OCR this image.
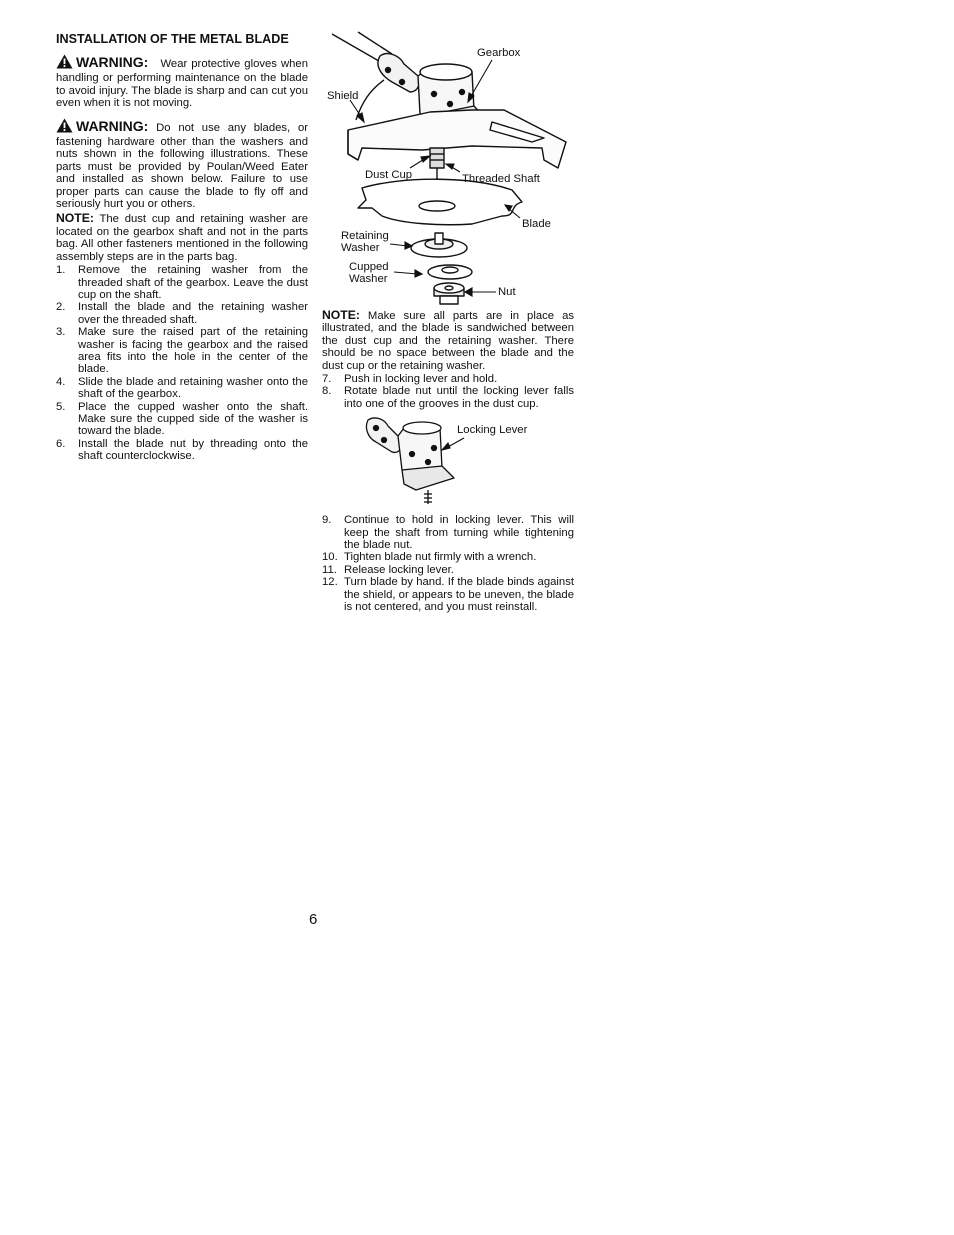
INSTALLATION OF THE METAL BLADE
WARNING: Wear protective gloves when handling or performing maintenance on the blade to avoid injury. The blade is sharp and can cut you even when it is not moving.
WARNING: Do not use any blades, or fastening hardware other than the washers and nuts shown in the following illustrations. These parts must be provided by Poulan/Weed Eater and installed as shown below. Failure to use proper parts can cause the blade to fly off and seriously hurt you or others.
NOTE: The dust cup and retaining washer are located on the gearbox shaft and not in the parts bag. All other fasteners mentioned in the following assembly steps are in the parts bag.
1.	Remove the retaining washer from the threaded shaft of the gearbox. Leave the dust cup on the shaft.
2.	Install the blade and the retaining washer over the threaded shaft.
3.	Make sure the raised part of the retaining washer is facing the gearbox and the raised area fits into the hole in the center of the blade.
4.	Slide the blade and retaining washer onto the shaft of the gearbox.
5.	Place the cupped washer onto the shaft. Make sure the cupped side of the washer is toward the blade.
6.	Install the blade nut by threading onto the shaft counterclockwise.
Gearbox
Shield
Dust Cup	Threaded Shaft
Blade
Retaining
Washer
Cupped
Washer
Nut
NOTE: Make sure all parts are in place as illustrated, and the blade is sandwiched between the dust cup and the retaining washer. There should be no space between the blade and the dust cup or the retaining washer.
7.	Push in locking lever and hold.
8.	Rotate blade nut until the locking lever falls into one of the grooves in the dust cup.
Locking Lever
9.	Continue to hold in locking lever. This will keep the shaft from turning while tightening the blade nut.
10. Tighten blade nut firmly with a wrench.
11. Release locking lever.
12. Turn blade by hand. If the blade binds against the shield, or appears to be uneven, the blade is not centered, and you must reinstall.
6
